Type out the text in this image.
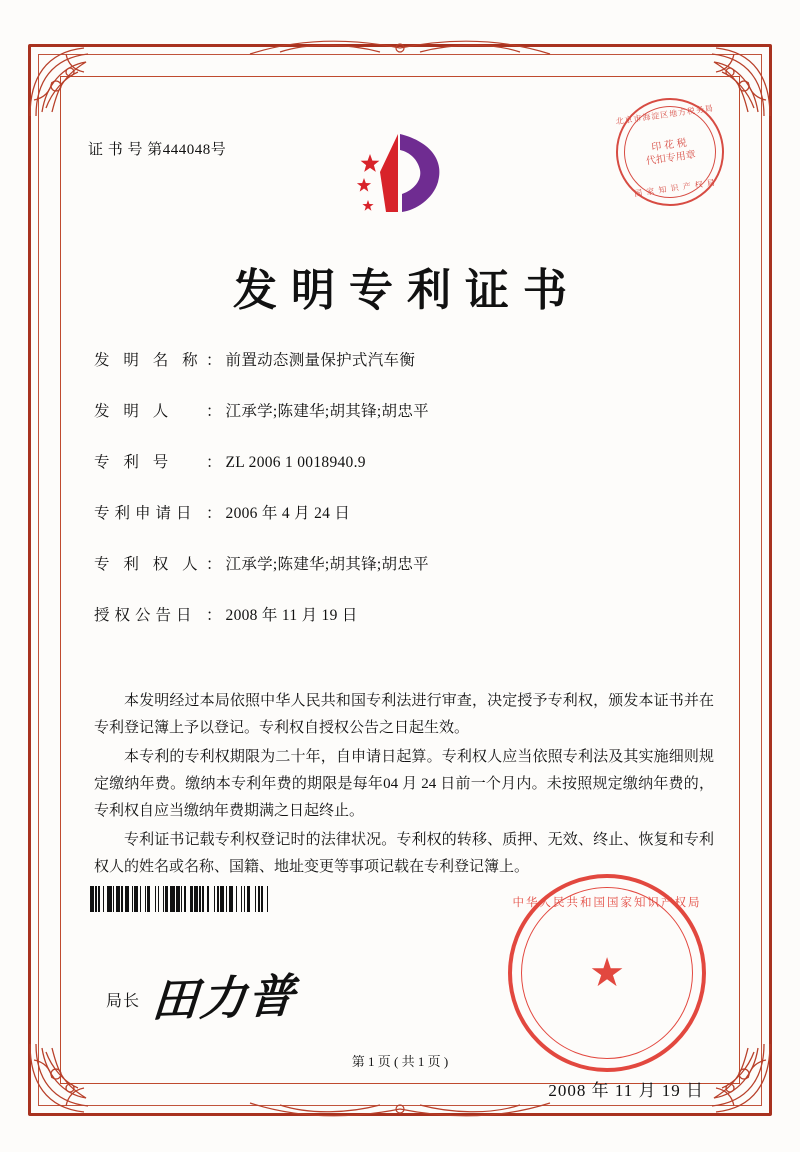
证 书 号 第444048号
北京市海淀区地方税务局
印 花 税
代扣专用章
国 家 知 识 产 权 局
发明专利证书
发 明 名 称 ： 前置动态测量保护式汽车衡
发 明 人	： 江承学;陈建华;胡其锋;胡忠平
专 利 号	： ZL 2006 1 0018940.9
专利申请日 ： 2006 年 4 月 24 日
专 利 权 人 ： 江承学;陈建华;胡其锋;胡忠平
授权公告日 ： 2008 年 11 月 19 日

本发明经过本局依照中华人民共和国专利法进行审查，决定授予专利权，颁发本证书并在专利登记簿上予以登记。专利权自授权公告之日起生效。

本专利的专利权期限为二十年，自申请日起算。专利权人应当依照专利法及其实施细则规定缴纳年费。缴纳本专利年费的期限是每年04 月 24 日前一个月内。未按照规定缴纳年费的，专利权自应当缴纳年费期满之日起终止。

专利证书记载专利权登记时的法律状况。专利权的转移、质押、无效、终止、恢复和专利权人的姓名或名称、国籍、地址变更等事项记载在专利登记簿上。

局长 田力普
中华人民共和国国家知识产权局
★
2008 年 11 月 19 日
第 1 页 ( 共 1 页 )
